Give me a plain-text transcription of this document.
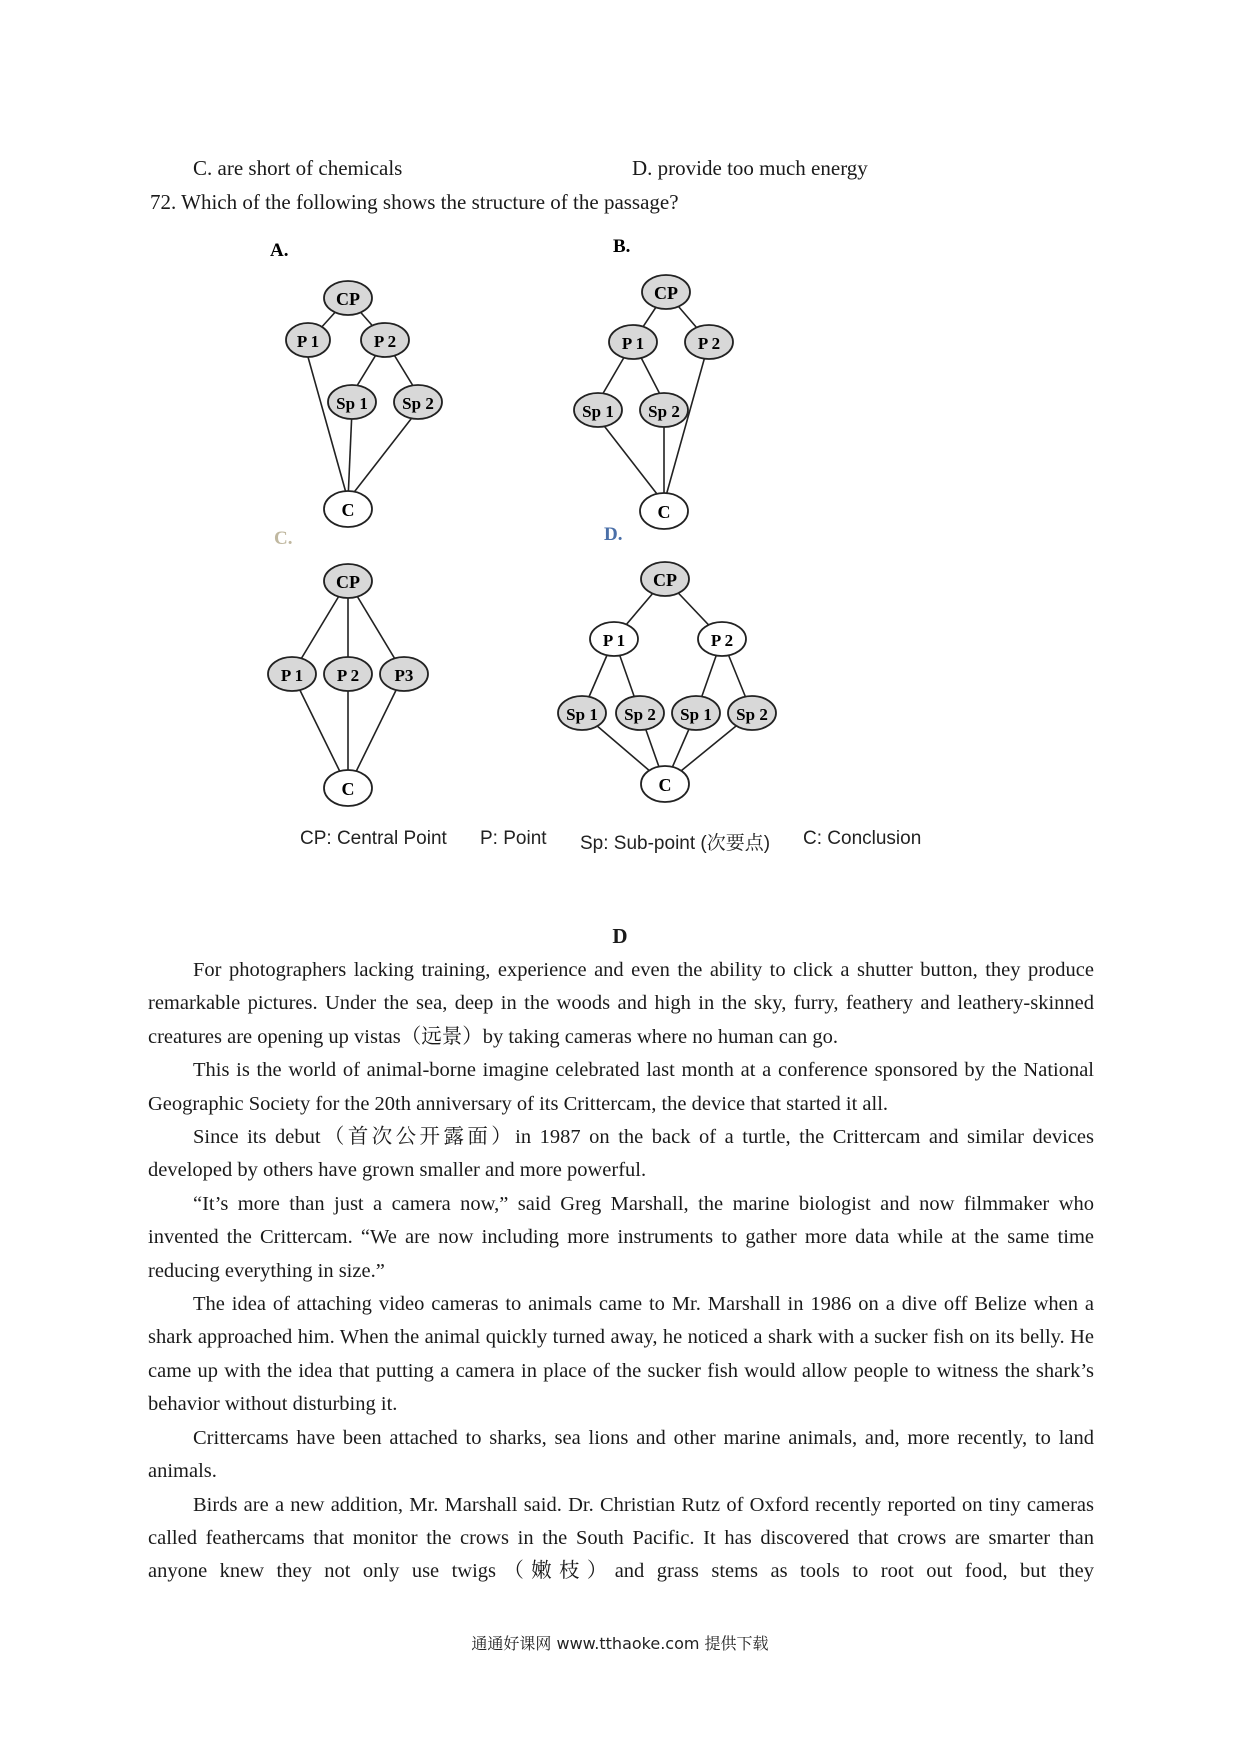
C. are short of chemicals	D. provide too much energy
72. Which of the following shows the structure of the passage?
A.	B.
C.	D.
CP
P 1	P 2
Sp 1 Sp 2
C
CP
P 1	P 2
Sp 1 Sp 2
C
CP
P 1 P 2 P3
C
CP
P 1	P 2
Sp 1 Sp 2 Sp 1 Sp 2
C
CP: Central Point P: Point Sp: Sub-point (次要点) C: Conclusion
D

For photographers lacking training, experience and even the ability to click a shutter button, they produce remarkable pictures. Under the sea, deep in the woods and high in the sky, furry, feathery and leathery-skinned creatures are opening up vistas（远景）by taking cameras where no human can go.

This is the world of animal-borne imagine celebrated last month at a conference sponsored by the National Geographic Society for the 20th anniversary of its Crittercam, the device that started it all.

Since its debut（首次公开露面）in 1987 on the back of a turtle, the Crittercam and similar devices developed by others have grown smaller and more powerful.

“It’s more than just a camera now,” said Greg Marshall, the marine biologist and now filmmaker who invented the Crittercam. “We are now including more instruments to gather more data while at the same time reducing everything in size.”

The idea of attaching video cameras to animals came to Mr. Marshall in 1986 on a dive off Belize when a shark approached him. When the animal quickly turned away, he noticed a shark with a sucker fish on its belly. He came up with the idea that putting a camera in place of the sucker fish would allow people to witness the shark’s behavior without disturbing it.

Crittercams have been attached to sharks, sea lions and other marine animals, and, more recently, to land animals.

Birds are a new addition, Mr. Marshall said. Dr. Christian Rutz of Oxford recently reported on tiny cameras called feathercams that monitor the crows in the South Pacific. It has discovered that crows are smarter than anyone knew they not only use twigs（嫩枝）and grass stems as tools to root out food, but they

通通好课网 www.tthaoke.com 提供下载
